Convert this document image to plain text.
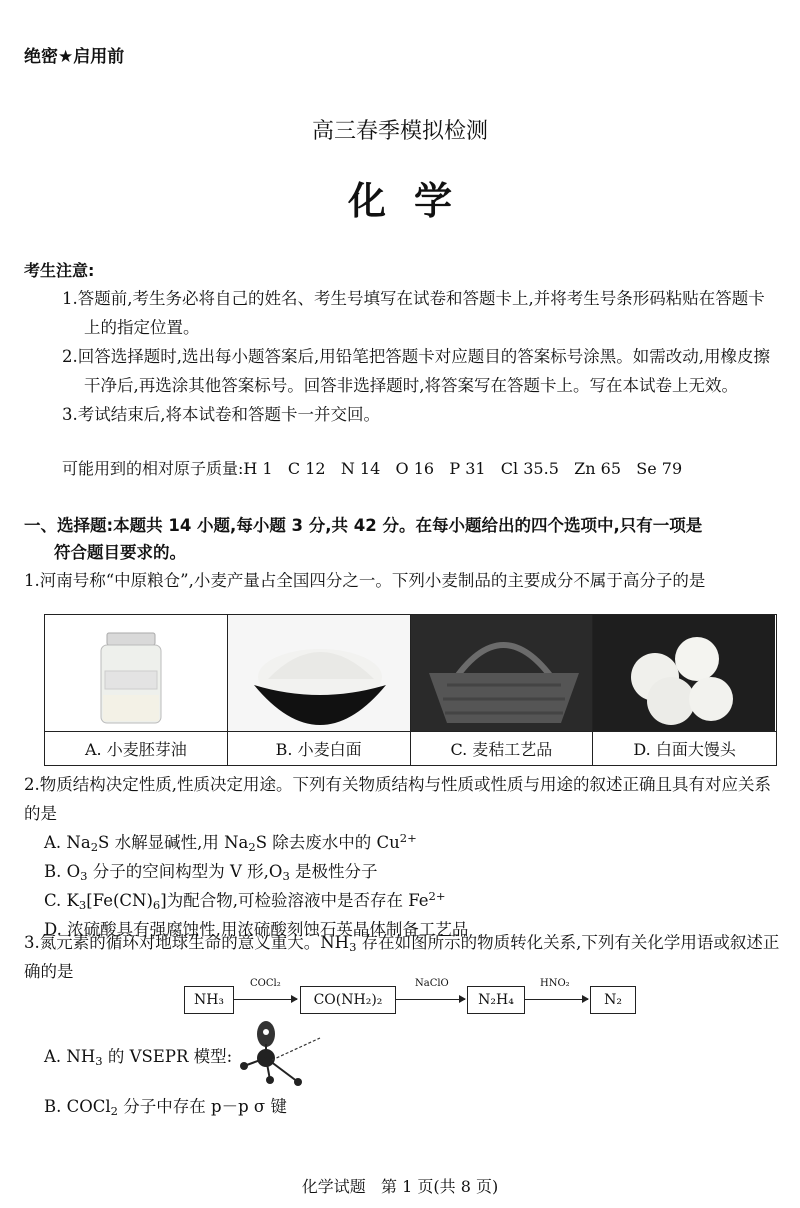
绝密★启用前
高三春季模拟检测
化学
考生注意:
1.答题前,考生务必将自己的姓名、考生号填写在试卷和答题卡上,并将考生号条形码粘贴在答题卡上的指定位置。
2.回答选择题时,选出每小题答案后,用铅笔把答题卡对应题目的答案标号涂黑。如需改动,用橡皮擦干净后,再选涂其他答案标号。回答非选择题时,将答案写在答题卡上。写在本试卷上无效。
3.考试结束后,将本试卷和答题卡一并交回。
可能用到的相对原子质量:H 1   C 12   N 14   O 16   P 31   Cl 35.5   Zn 65   Se 79
一、选择题:本题共 14 小题,每小题 3 分,共 42 分。在每小题给出的四个选项中,只有一项是
符合题目要求的。
1.河南号称“中原粮仓”,小麦产量占全国四分之一。下列小麦制品的主要成分不属于高分子的是
A. 小麦胚芽油	B. 小麦白面	C. 麦秸工艺品	D. 白面大馒头
2.物质结构决定性质,性质决定用途。下列有关物质结构与性质或性质与用途的叙述正确且具有对应关系的是
A. $Na_2S$ 水解显碱性,用 $Na_2S$ 除去废水中的 $Cu^{2+}$
B. $O_3$ 分子的空间构型为 V 形$,O_3$ 是极性分子
C. $K_3[Fe(CN)_6]$为配合物,可检验溶液中是否存在 $Fe^{2+}$
D. 浓硫酸具有强腐蚀性,用浓硫酸刻蚀石英晶体制备工艺品
3.氮元素的循环对地球生命的意义重大。$NH_3$ 存在如图所示的物质转化关系,下列有关化学用语或叙述正确的是
NH₃
COCl₂
CO(NH₂)₂
NaClO
N₂H₄
HNO₂
N₂
A. $NH_3$ 的 VSEPR 模型:
B. COCl$_2$ 分子中存在 p－p σ 键
化学试题   第 1 页(共 8 页)
